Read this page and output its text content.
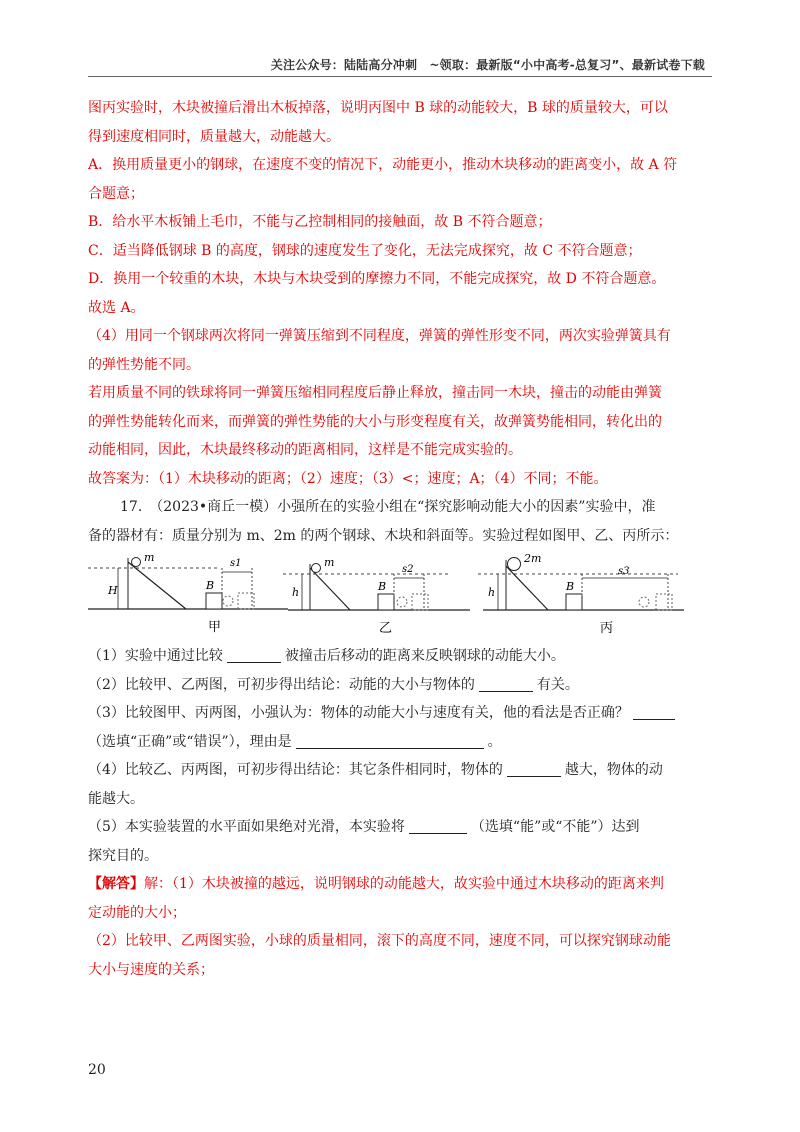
关注公众号：陆陆高分冲刺　~领取：最新版“小中高考-总复习”、最新试卷下载

图丙实验时，木块被撞后滑出木板掉落，说明丙图中 B 球的动能较大，B 球的质量较大，可以

得到速度相同时，质量越大，动能越大。

A．换用质量更小的钢球，在速度不变的情况下，动能更小，推动木块移动的距离变小，故 A 符

合题意；

B．给水平木板铺上毛巾，不能与乙控制相同的接触面，故 B 不符合题意；

C．适当降低钢球 B 的高度，钢球的速度发生了变化，无法完成探究，故 C 不符合题意；

D．换用一个较重的木块，木块与木块受到的摩擦力不同，不能完成探究，故 D 不符合题意。

故选 A。

（4）用同一个钢球两次将同一弹簧压缩到不同程度，弹簧的弹性形变不同，两次实验弹簧具有

的弹性势能不同。

若用质量不同的铁球将同一弹簧压缩相同程度后静止释放，撞击同一木块，撞击的动能由弹簧

的弹性势能转化而来，而弹簧的弹性势能的大小与形变程度有关，故弹簧势能相同，转化出的

动能相同，因此，木块最终移动的距离相同，这样是不能完成实验的。

故答案为：（1）木块移动的距离；（2）速度；（3）<；速度；A；（4）不同；不能。

17.　（2023•商丘一模）小强所在的实验小组在“探究影响动能大小的因素”实验中，准

备的器材有：质量分别为 m、2m 的两个钢球、木块和斜面等。实验过程如图甲、乙、丙所示：

m
H	B
s1
甲
m
h	B
s2
乙
2m
h	B
s3
丙

（1）实验中通过比较	被撞击后移动的距离来反映钢球的动能大小。

（2）比较甲、乙两图，可初步得出结论：动能的大小与物体的	有关。

（3）比较图甲、丙两图，小强认为：物体的动能大小与速度有关，他的看法是否正确？

（选填“正确”或“错误”），理由是	。

（4）比较乙、丙两图，可初步得出结论：其它条件相同时，物体的	越大，物体的动

能越大。

（5）本实验装置的水平面如果绝对光滑，本实验将	（选填“能”或“不能”）达到

探究目的。

【解答】解：（1）木块被撞的越远，说明钢球的动能越大，故实验中通过木块移动的距离来判

定动能的大小；

（2）比较甲、乙两图实验，小球的质量相同，滚下的高度不同，速度不同，可以探究钢球动能

大小与速度的关系；

20
